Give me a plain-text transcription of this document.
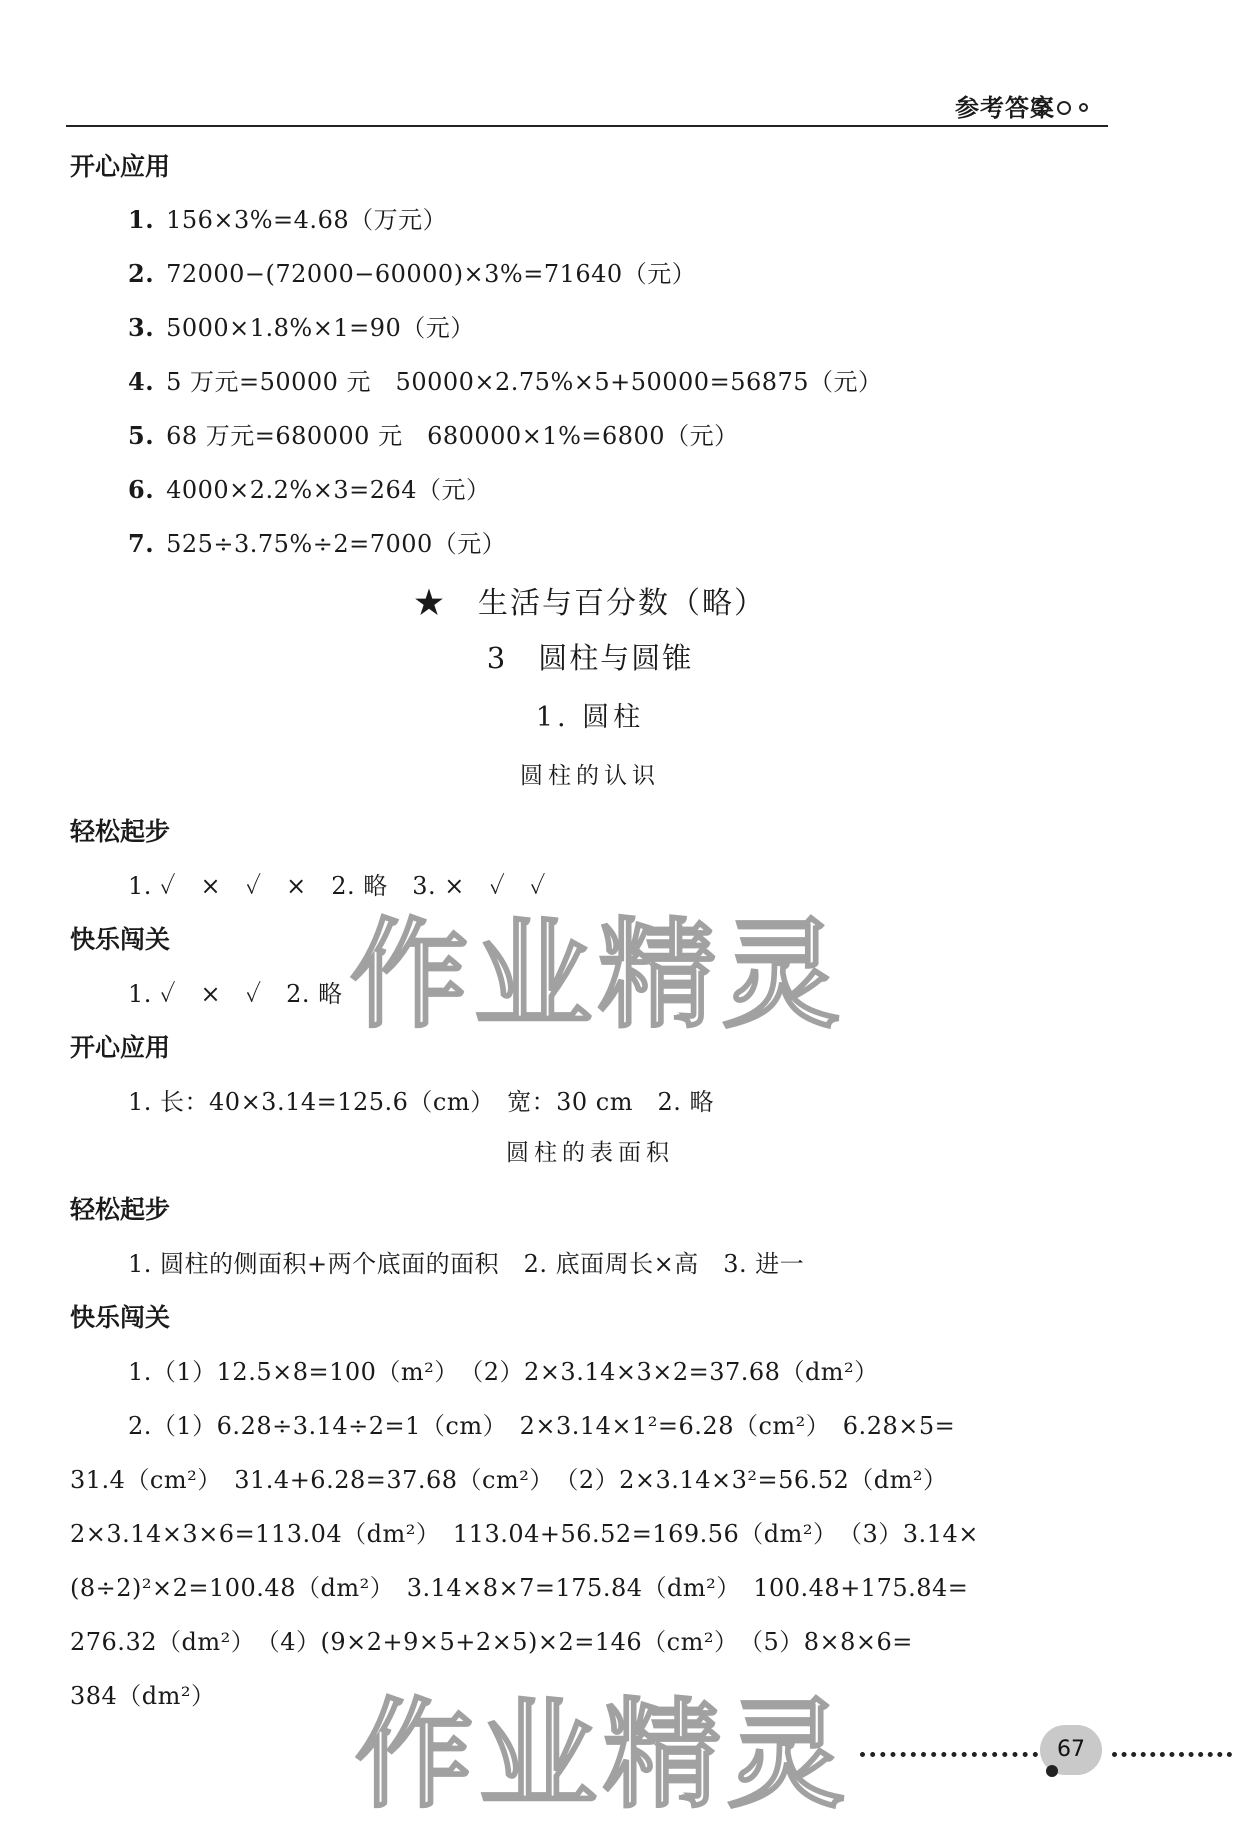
参考答案
开心应用
1. 156×3%=4.68（万元）
2. 72000−(72000−60000)×3%=71640（元）
3. 5000×1.8%×1=90（元）
4. 5 万元=50000 元　50000×2.75%×5+50000=56875（元）
5. 68 万元=680000 元　680000×1%=6800（元）
6. 4000×2.2%×3=264（元）
7. 525÷3.75%÷2=7000（元）
★　生活与百分数（略）
3　圆柱与圆锥
1. 圆柱
圆柱的认识
轻松起步
1. ✓　×　✓　×　2. 略　3. ×　✓　✓
快乐闯关
1. ✓　×　✓　2. 略
开心应用
1. 长：40×3.14=125.6（cm）　宽：30 cm　2. 略
圆柱的表面积
轻松起步
1. 圆柱的侧面积+两个底面的面积　2. 底面周长×高　3. 进一
快乐闯关
1.（1）12.5×8=100（m²）　（2）2×3.14×3×2=37.68（dm²）
2.（1）6.28÷3.14÷2=1（cm）　2×3.14×1²=6.28（cm²）　6.28×5=
31.4（cm²）　31.4+6.28=37.68（cm²）　（2）2×3.14×3²=56.52（dm²）
2×3.14×3×6=113.04（dm²）　113.04+56.52=169.56（dm²）　（3）3.14×
(8÷2)²×2=100.48（dm²）　3.14×8×7=175.84（dm²）　100.48+175.84=
276.32（dm²）　（4）(9×2+9×5+2×5)×2=146（cm²）　（5）8×8×6=
384（dm²）
作业精灵
作业精灵	67
